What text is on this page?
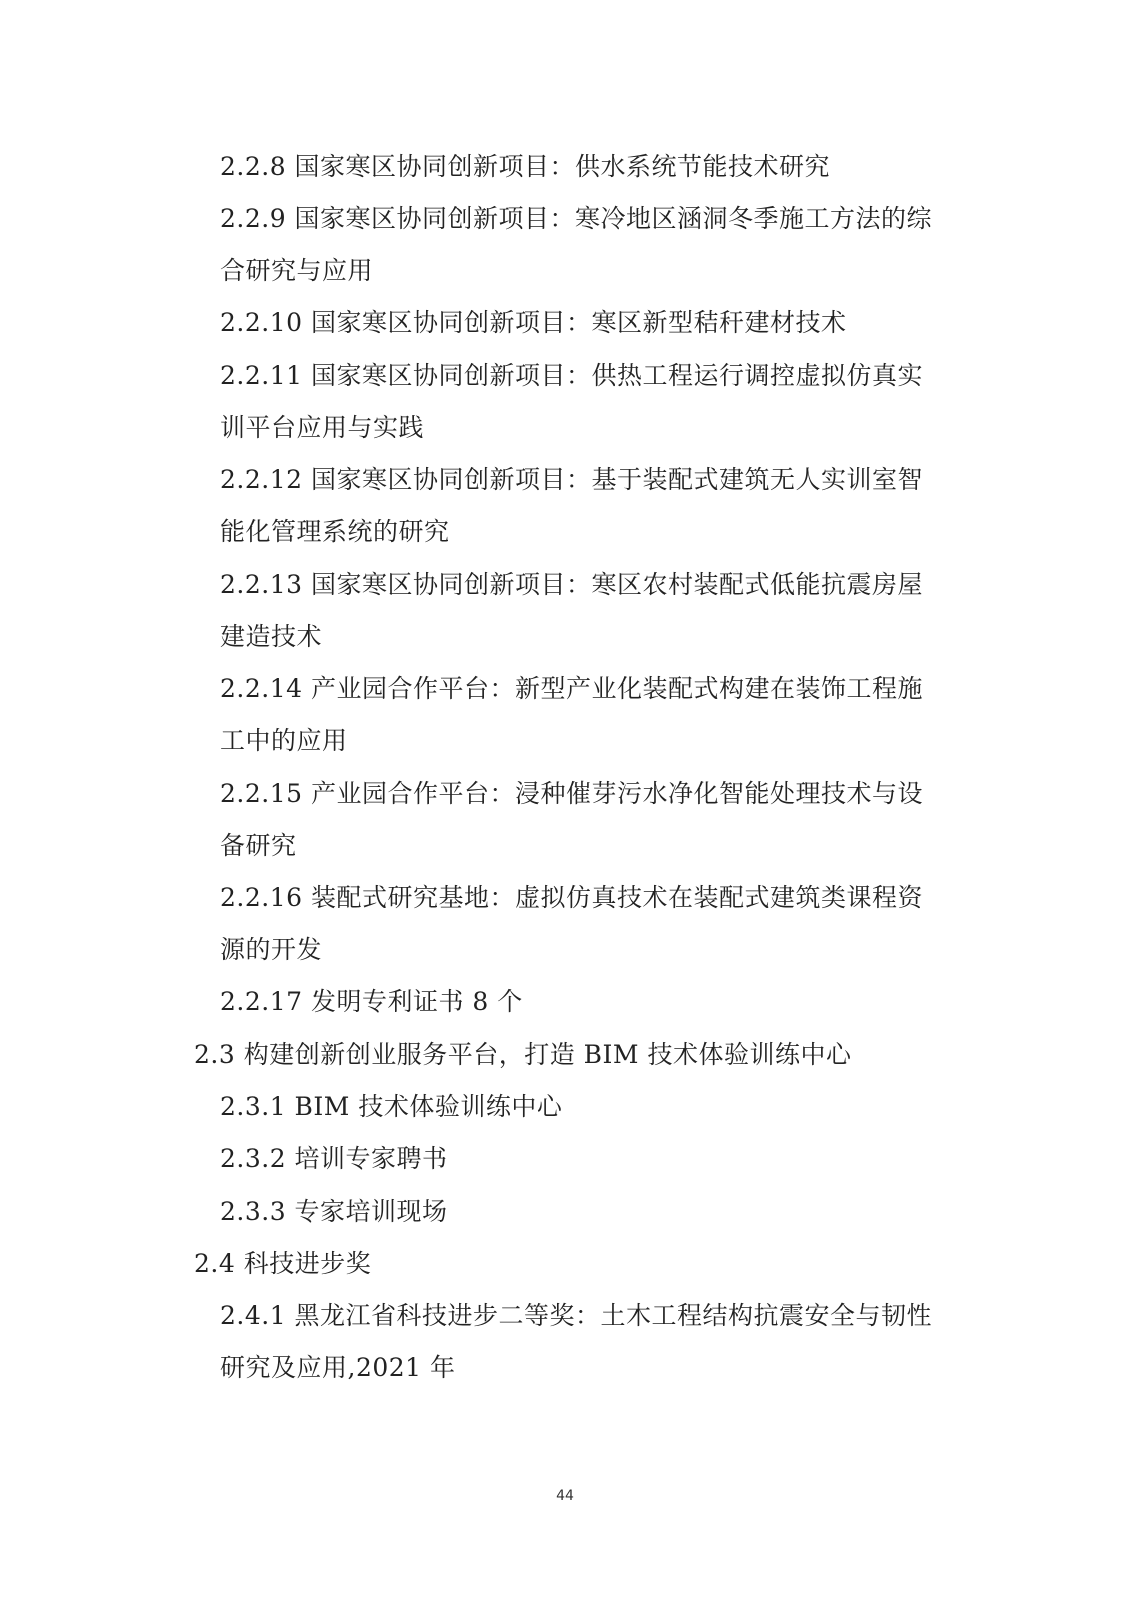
2.2.8 国家寒区协同创新项目：供水系统节能技术研究
2.2.9 国家寒区协同创新项目：寒冷地区涵洞冬季施工方法的综
合研究与应用
2.2.10 国家寒区协同创新项目：寒区新型秸秆建材技术
2.2.11 国家寒区协同创新项目：供热工程运行调控虚拟仿真实
训平台应用与实践
2.2.12 国家寒区协同创新项目：基于装配式建筑无人实训室智
能化管理系统的研究
2.2.13 国家寒区协同创新项目：寒区农村装配式低能抗震房屋
建造技术
2.2.14 产业园合作平台：新型产业化装配式构建在装饰工程施
工中的应用
2.2.15 产业园合作平台：浸种催芽污水净化智能处理技术与设
备研究
2.2.16 装配式研究基地：虚拟仿真技术在装配式建筑类课程资
源的开发
2.2.17 发明专利证书 8 个
2.3 构建创新创业服务平台，打造 BIM 技术体验训练中心
2.3.1 BIM 技术体验训练中心
2.3.2 培训专家聘书
2.3.3 专家培训现场
2.4 科技进步奖
2.4.1 黑龙江省科技进步二等奖：土木工程结构抗震安全与韧性
研究及应用,2021 年
44
